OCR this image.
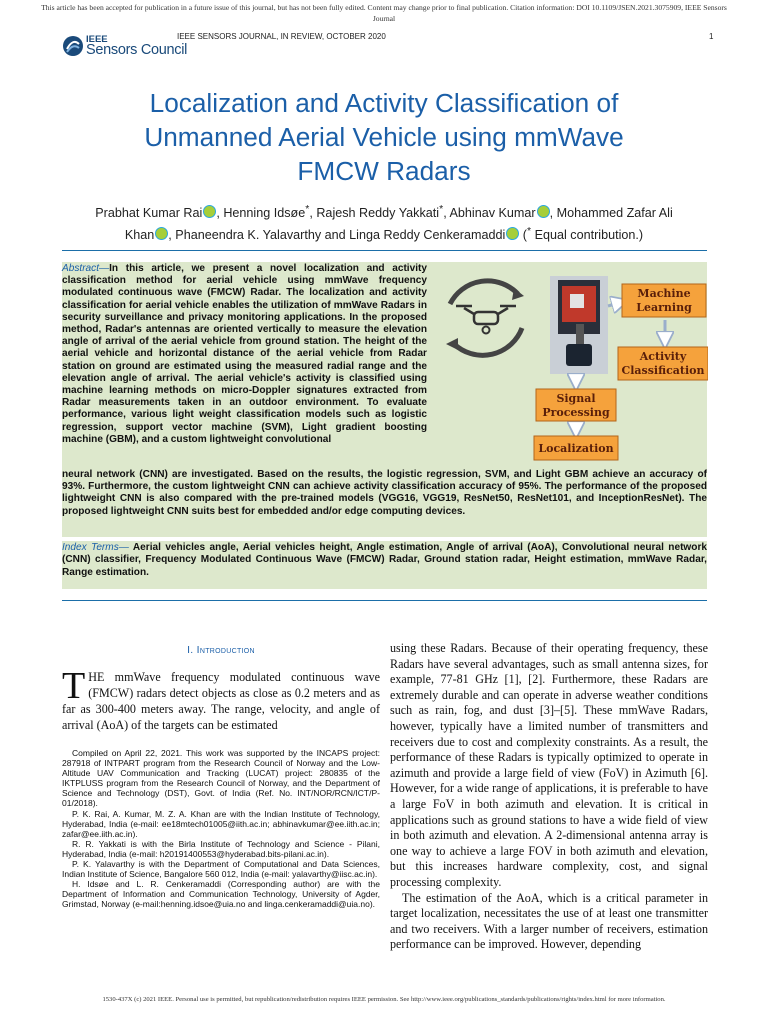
This article has been accepted for publication in a future issue of this journal, but has not been fully edited. Content may change prior to final publication. Citation information: DOI 10.1109/JSEN.2021.3075909, IEEE Sensors
Journal
IEEE
Sensors Council
IEEE SENSORS JOURNAL, IN REVIEW, OCTOBER 2020	1
Localization and Activity Classification of
Unmanned Aerial Vehicle using mmWave
FMCW Radars
Prabhat Kumar Rai , Henning Idsøe*, Rajesh Reddy Yakkati*, Abhinav Kumar , Mohammed Zafar Ali
Khan , Phaneendra K. Yalavarthy and Linga Reddy Cenkeramaddi (* Equal contribution.)
Abstract—In this article, we present a novel localization and activity classification method for aerial vehicle using mmWave frequency modulated continuous wave (FMCW) Radar. The localization and activity classification for aerial vehicle enables the utilization of mmWave Radars in security surveillance and privacy monitoring applications. In the proposed method, Radar's antennas are oriented vertically to measure the elevation angle of arrival of the aerial vehicle from ground station. The height of the aerial vehicle and horizontal distance of the aerial vehicle from Radar station on ground are estimated using the measured radial range and the elevation angle of arrival. The aerial vehicle's activity is classified using machine learning methods on micro-Doppler signatures extracted from Radar measurements taken in an outdoor environment. To evaluate performance, various light weight classification models such as logistic regression, support vector machine (SVM), Light gradient boosting machine (GBM), and a custom lightweight convolutional
Machine
Learning
Activity
Classification
Signal
Processing
Localization
neural network (CNN) are investigated. Based on the results, the logistic regression, SVM, and Light GBM achieve an accuracy of 93%. Furthermore, the custom lightweight CNN can achieve activity classification accuracy of 95%. The performance of the proposed lightweight CNN is also compared with the pre-trained models (VGG16, VGG19, ResNet50, ResNet101, and InceptionResNet). The proposed lightweight CNN suits best for embedded and/or edge computing devices.
Index Terms— Aerial vehicles angle, Aerial vehicles height, Angle estimation, Angle of arrival (AoA), Convolutional neural network (CNN) classifier, Frequency Modulated Continuous Wave (FMCW) Radar, Ground station radar, Height estimation, mmWave Radar, Range estimation.
I. Introduction
THE mmWave frequency modulated continuous wave (FMCW) radars detect objects as close as 0.2 meters and as far as 300-400 meters away. The range, velocity, and angle of arrival (AoA) of the targets can be estimated

Compiled on April 22, 2021. This work was supported by the INCAPS project: 287918 of INTPART program from the Research Council of Norway and the Low-Altitude UAV Communication and Tracking (LUCAT) project: 280835 of the IKTPLUSS program from the Research Council of Norway, and the Department of Science and Technology (DST), Govt. of India (Ref. No. INT/NOR/RCN/ICT/P-01/2018).

P. K. Rai, A. Kumar, M. Z. A. Khan are with the Indian Institute of Technology, Hyderabad, India (e-mail: ee18mtech01005@iith.ac.in; abhinavkumar@ee.iith.ac.in; zafar@ee.iith.ac.in).

R. R. Yakkati is with the Birla Institute of Technology and Science - Pilani, Hyderabad, India (e-mail: h20191400553@hyderabad.bits-pilani.ac.in).

P. K. Yalavarthy is with the Department of Computational and Data Sciences, Indian Institute of Science, Bangalore 560 012, India (e-mail: yalavarthy@iisc.ac.in).

H. Idsøe and L. R. Cenkeramaddi (Corresponding author) are with the Department of Information and Communication Technology, University of Agder, Grimstad, Norway (e-mail:henning.idsoe@uia.no and linga.cenkeramaddi@uia.no).

using these Radars. Because of their operating frequency, these Radars have several advantages, such as small antenna sizes, for example, 77-81 GHz [1], [2]. Furthermore, these Radars are extremely durable and can operate in adverse weather conditions such as rain, fog, and dust [3]–[5]. These mmWave Radars, however, typically have a limited number of transmitters and receivers due to cost and complexity constraints. As a result, the performance of these Radars is typically optimized to operate in azimuth and provide a large field of view (FoV) in Azimuth [6]. However, for a wide range of applications, it is preferable to have a large FoV in both azimuth and elevation. It is critical in applications such as ground stations to have a wide field of view in both azimuth and elevation. A 2-dimensional antenna array is one way to achieve a large FOV in both azimuth and elevation, but this increases hardware complexity, cost, and signal processing complexity.

The estimation of the AoA, which is a critical parameter in target localization, necessitates the use of at least one transmitter and two receivers. With a larger number of receivers, estimation performance can be improved. However, depending

1530-437X (c) 2021 IEEE. Personal use is permitted, but republication/redistribution requires IEEE permission. See http://www.ieee.org/publications_standards/publications/rights/index.html for more information.
